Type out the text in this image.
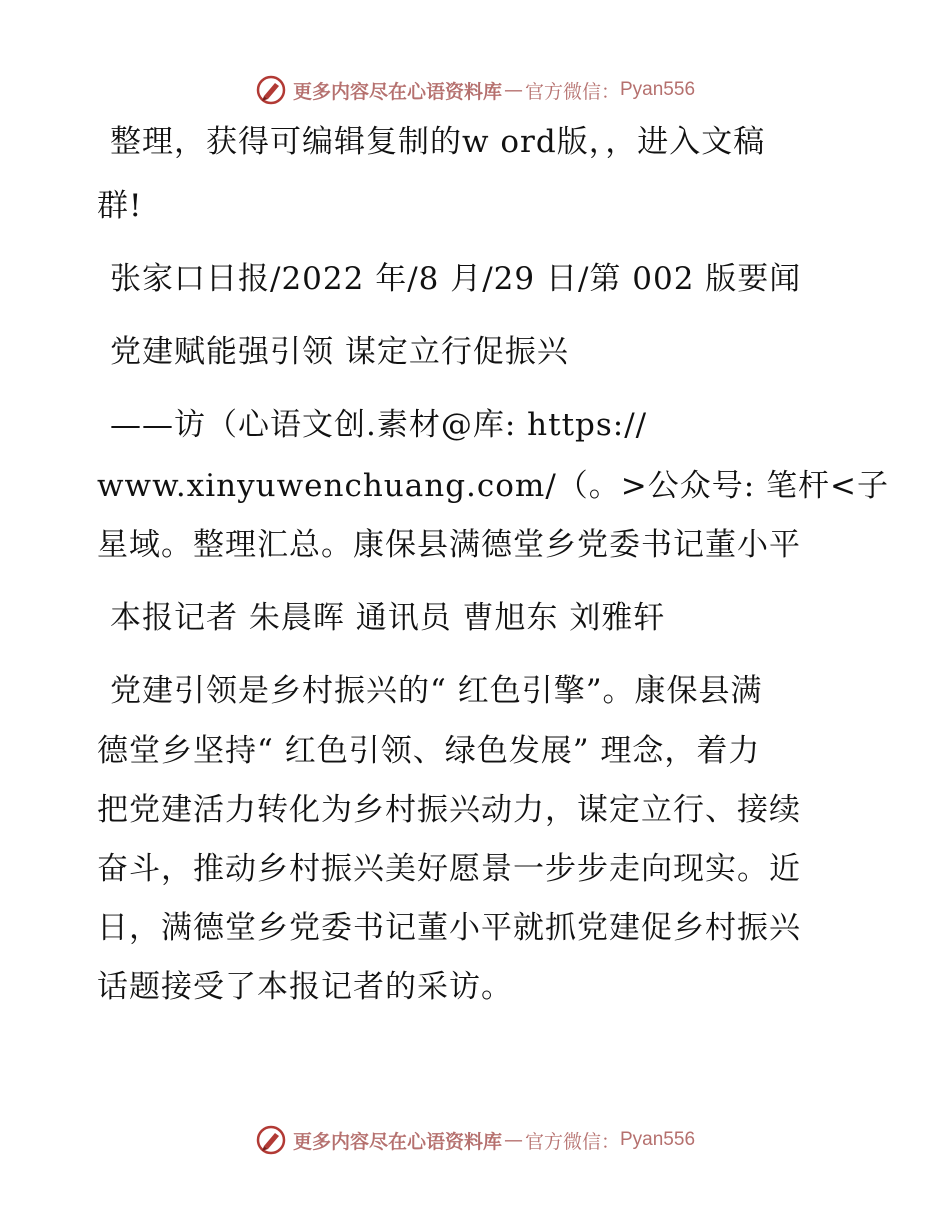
更多内容尽在心语资料库 — 官方微信： Pyan556
整理，获得可编辑复制的w ord版，，进入文稿
群!
张家口日报/2022 年/8 月/29 日/第 002 版要闻
党建赋能强引领 谋定立行促振兴
——访（心语文创.素材@库: https://
www.xinyuwenchuang.com/（。>公众号: 笔杆<子
星域。整理汇总。康保县满德堂乡党委书记董小平
本报记者 朱晨晖 通讯员 曹旭东 刘雅轩
党建引领是乡村振兴的“ 红色引擎”。康保县满
德堂乡坚持“ 红色引领、绿色发展” 理念，着力
把党建活力转化为乡村振兴动力，谋定立行、接续
奋斗，推动乡村振兴美好愿景一步步走向现实。近
日，满德堂乡党委书记董小平就抓党建促乡村振兴
话题接受了本报记者的采访。
更多内容尽在心语资料库 — 官方微信： Pyan556
